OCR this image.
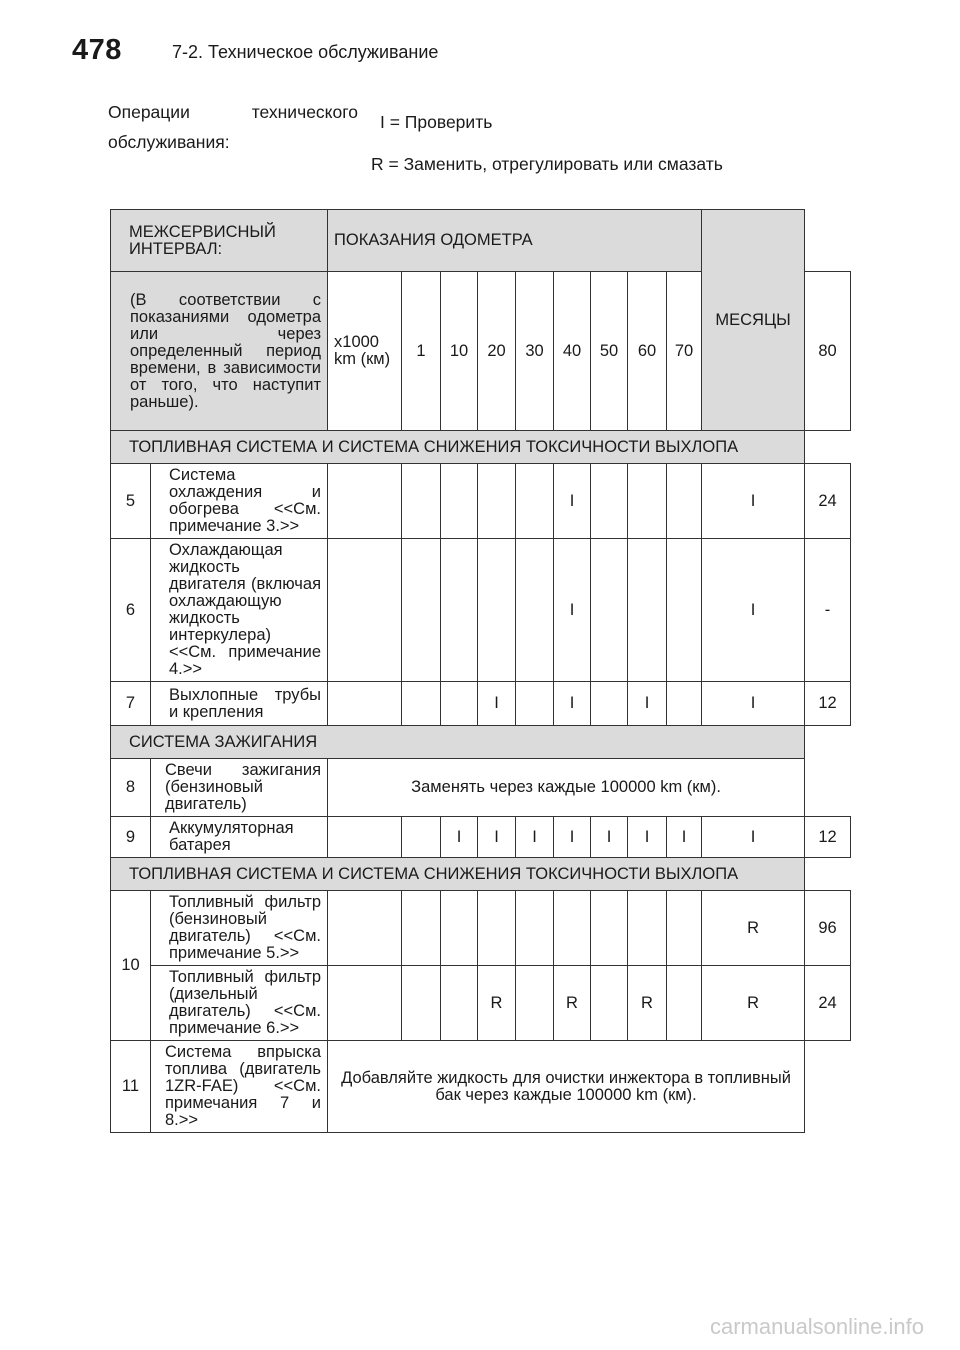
478	7-2. Техническое обслуживание
Операции	технического
обслуживания:
I = Проверить
R = Заменить, отрегулировать или смазать
МЕЖСЕРВИСНЫЙ ИНТЕРВАЛ:		ПОКАЗАНИЯ ОДОМЕТРА									МЕСЯЦЫ	
(В соответствии с показаниями одометра или через определенный период времени, в зависимости от того, что наступит раньше).		x1000 km (км)	1	10	20	30	40	50	60	70		80
ТОПЛИВНАЯ СИСТЕМА И СИСТЕМА СНИЖЕНИЯ ТОКСИЧНОСТИ ВЫХЛОПА												
5	Система охлаждения и обогрева <<См. примечание 3.>>						I				I	24
6	Охлаждающая жидкость двигателя (включая охлаждающую жидкость интеркулера) <<См. примечание 4.>>						I				I	-
7	Выхлопные трубы и крепления				I		I		I		I	12
СИСТЕМА ЗАЖИГАНИЯ												
8	Свечи зажигания (бензиновый двигатель)	Заменять через каждые 100000 km (км).										
9	Аккумуляторная батарея			I	I	I	I	I	I	I	I	12
ТОПЛИВНАЯ СИСТЕМА И СИСТЕМА СНИЖЕНИЯ ТОКСИЧНОСТИ ВЫХЛОПА												
10	Топливный фильтр (бензиновый двигатель) <<См. примечание 5.>>										R	96
	Топливный фильтр (дизельный двигатель) <<См. примечание 6.>>				R		R		R		R	24
11	Система впрыска топлива (двигатель 1ZR-FAE) <<См. примечания 7 и 8.>>	Добавляйте жидкость для очистки инжектора в топливный бак через каждые 100000 km (км).										
carmanualsonline.info
